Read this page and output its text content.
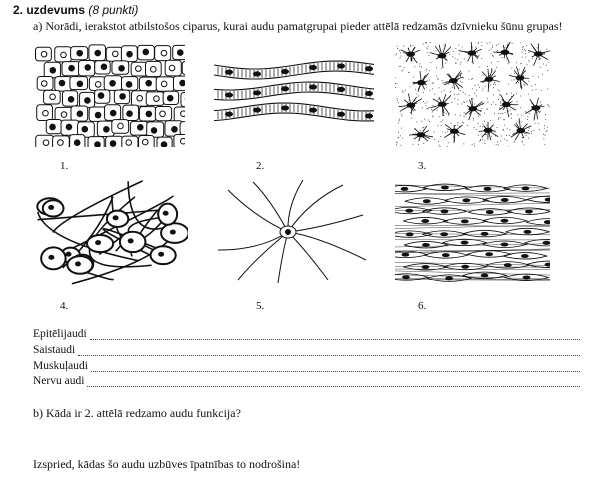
2. uzdevums (8 punkti)
a) Norādi, ierakstot atbilstošos ciparus, kurai audu pamatgrupai pieder attēlā redzamās dzīvnieku šūnu grupas!
1.	2.	3.
4.	5.	6.
Epitēlijaudi
Saistaudi
Muskuļaudi
Nervu audi
b) Kāda ir 2. attēlā redzamo audu funkcija?
Izspried, kādas šo audu uzbūves īpatnības to nodrošina!
